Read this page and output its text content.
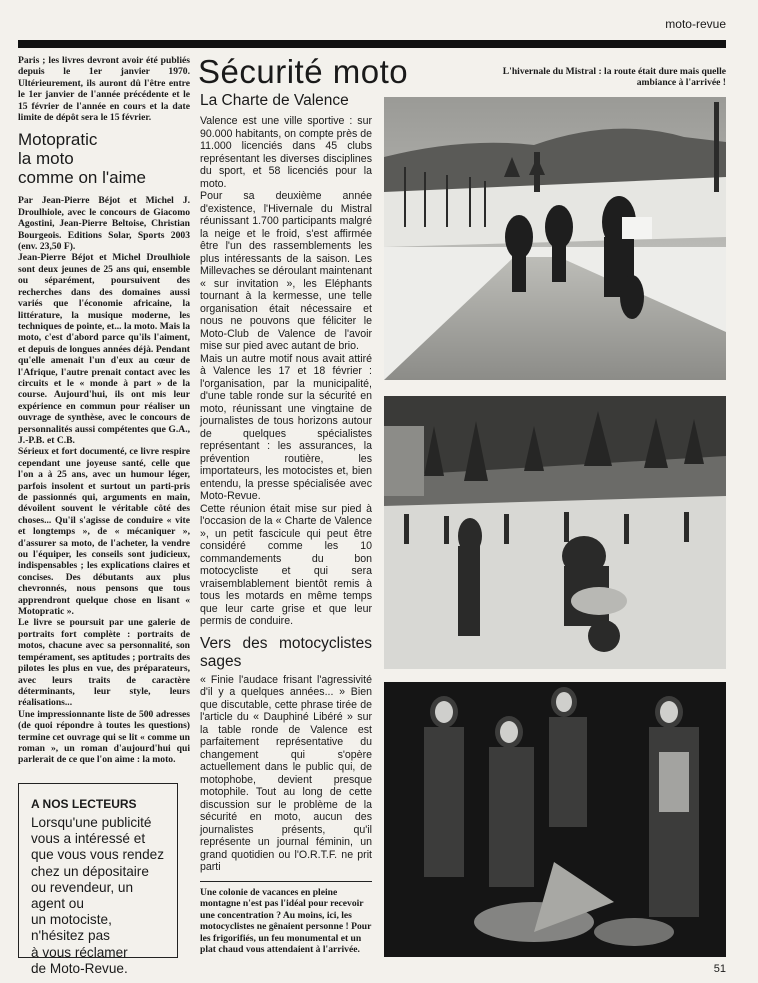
moto-revue

Paris ; les livres devront avoir été publiés depuis le 1er janvier 1970. Ultérieurement, ils auront dû l'être entre le 1er janvier de l'année précédente et le 15 février de l'année en cours et la date limite de dépôt sera le 15 février.

Motopratic
la moto
comme on l'aime

Par Jean-Pierre Béjot et Michel J. Droulhiole, avec le concours de Giacomo Agostini, Jean-Pierre Beltoise, Christian Bourgeois. Editions Solar, Sports 2003 (env. 23,50 F).

Jean-Pierre Béjot et Michel Droulhiole sont deux jeunes de 25 ans qui, ensemble ou séparément, poursuivent des recherches dans des domaines aussi variés que l'économie africaine, la littérature, la musique moderne, les techniques de pointe, et... la moto. Mais la moto, c'est d'abord parce qu'ils l'aiment, et depuis de longues années déjà. Pendant qu'elle amenait l'un d'eux au cœur de l'Afrique, l'autre prenait contact avec les circuits et le « monde à part » de la course. Aujourd'hui, ils ont mis leur expérience en commun pour réaliser un ouvrage de synthèse, avec le concours de personnalités aussi compétentes que G.A., J.-P.B. et C.B.

Sérieux et fort documenté, ce livre respire cependant une joyeuse santé, celle que l'on a à 25 ans, avec un humour léger, parfois insolent et surtout un parti-pris de passionnés qui, arguments en main, dévoilent souvent le véritable côté des choses... Qu'il s'agisse de conduire « vite et longtemps », de « mécaniquer », d'assurer sa moto, de l'acheter, la vendre ou l'équiper, les conseils sont judicieux, indispensables ; les explications claires et concises. Des débutants aux plus chevronnés, nous pensons que tous apprendront quelque chose en lisant « Motopratic ».

Le livre se poursuit par une galerie de portraits fort complète : portraits de motos, chacune avec sa personnalité, son tempérament, ses aptitudes ; portraits des pilotes les plus en vue, des préparateurs, avec leurs traits de caractère déterminants, leur style, leurs réalisations...

Une impressionnante liste de 500 adresses (de quoi répondre à toutes les questions) termine cet ouvrage qui se lit « comme un roman », un roman d'aujourd'hui qui parlerait de ce que l'on aime : la moto.

A NOS LECTEURS
Lorsqu'une publicité
vous a intéressé et
que vous vous rendez
chez un dépositaire
ou revendeur, un
agent ou
un motociste,
n'hésitez pas
à vous réclamer
de Moto-Revue.
Sécurité moto
La Charte de Valence

Valence est une ville sportive : sur 90.000 habitants, on compte près de 11.000 licenciés dans 45 clubs représentant les diverses disciplines du sport, et 58 licenciés pour la moto.

Pour sa deuxième année d'existence, l'Hivernale du Mistral réunissant 1.700 participants malgré la neige et le froid, s'est affirmée être l'un des rassemblements les plus intéressants de la saison. Les Millevaches se déroulant maintenant « sur invitation », les Eléphants tournant à la kermesse, une telle organisation était nécessaire et nous ne pouvons que féliciter le Moto-Club de Valence de l'avoir mise sur pied avec autant de brio.

Mais un autre motif nous avait attiré à Valence les 17 et 18 février : l'organisation, par la municipalité, d'une table ronde sur la sécurité en moto, réunissant une vingtaine de journalistes de tous horizons autour de quelques spécialistes représentant : les assurances, la prévention routière, les importateurs, les motocistes et, bien entendu, la presse spécialisée avec Moto-Revue.

Cette réunion était mise sur pied à l'occasion de la « Charte de Valence », un petit fascicule qui peut être considéré comme les 10 commandements du bon motocycliste et qui sera vraisemblablement bientôt remis à tous les motards en même temps que leur carte grise et que leur permis de conduire.

Vers des motocyclistes sages

« Finie l'audace frisant l'agressivité d'il y a quelques années... » Bien que discutable, cette phrase tirée de l'article du « Dauphiné Libéré » sur la table ronde de Valence est parfaitement représentative du changement qui s'opère actuellement dans le public qui, de motophobe, devient presque motophile. Tout au long de cette discussion sur le problème de la sécurité en moto, aucun des journalistes présents, qu'il représente un journal féminin, un grand quotidien ou l'O.R.T.F. ne prit parti

Une colonie de vacances en pleine montagne n'est pas l'idéal pour recevoir une concentration ? Au moins, ici, les motocyclistes ne gênaient personne ! Pour les frigorifiés, un feu monumental et un plat chaud vous attendaient à l'arrivée.
L'hivernale du Mistral : la route était dure mais quelle ambiance à l'arrivée !
51
